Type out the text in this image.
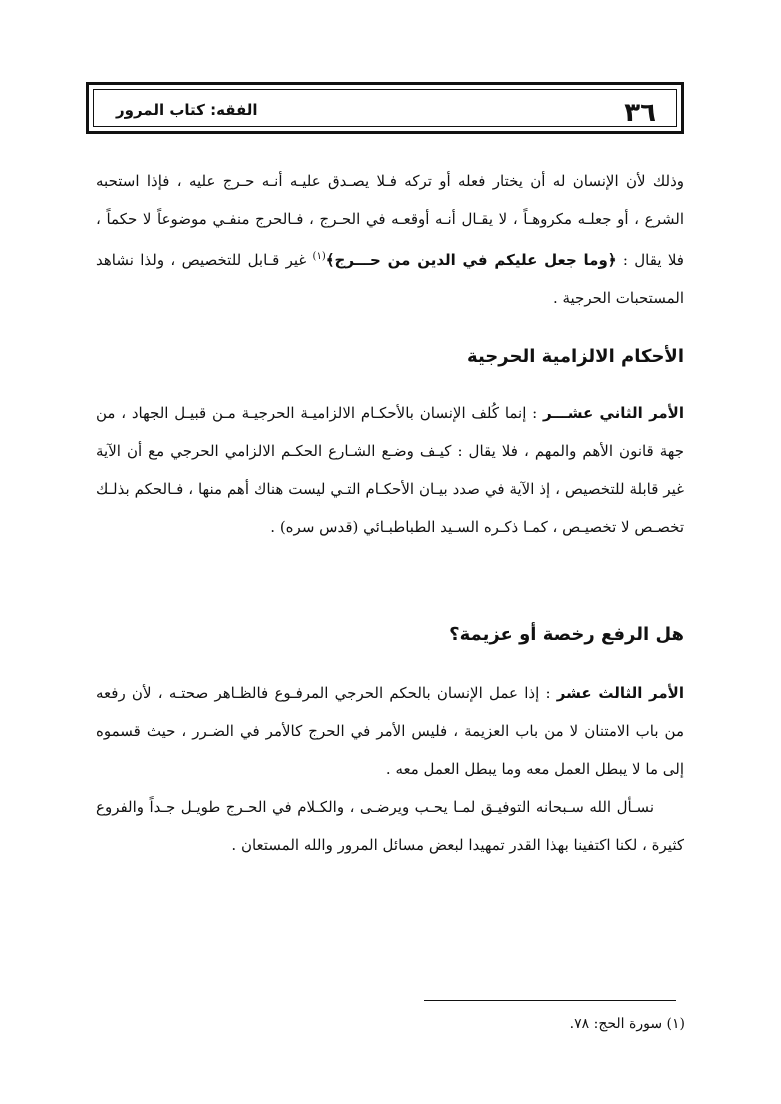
٣٦
الفقه: كتاب المرور

وذلك لأن الإنسان له أن يختار فعله أو تركه فـلا يصـدق عليـه أنـه حـرج عليه ، فإذا استحبه الشرع ، أو جعلـه مكروهـاً ، لا يقـال أنـه أوقعـه في الحـرج ، فـالحرج منفـي موضوعاً لا حكماً ، فلا يقال : ﴿وما جعل عليكم في الدين من حـــرج﴾$^{(١)}$ غير قـابل للتخصيص ، ولذا نشاهد المستحبات الحرجية .

الأحكام الالزامية الحرجية

الأمر الثاني عشـــر : إنما كُلف الإنسان بالأحكـام الالزاميـة الحرجيـة مـن قبيـل الجهاد ، من جهة قانون الأهم والمهم ، فلا يقال : كيـف وضـع الشـارع الحكـم الالزامي الحرجي مع أن الآية غير قابلة للتخصيص ، إذ الآية في صدد بيـان الأحكـام التـي ليست هناك أهم منها ، فـالحكم بذلـك تخصـص لا تخصيـص ، كمـا ذكـره السـيد الطباطبـائي (قدس سره) .

هل الرفع رخصة أو عزيمة؟

الأمر الثالث عشر : إذا عمل الإنسان بالحكم الحرجي المرفـوع فالظـاهر صحتـه ، لأن رفعه من باب الامتنان لا من باب العزيمة ، فليس الأمر في الحرج كالأمر في الضـرر ، حيث قسموه إلى ما لا يبطل العمل معه وما يبطل العمل معه .

نسـأل الله سـبحانه التوفيـق لمـا يحـب ويرضـى ، والكـلام في الحـرج طويـل جـداً والفروع كثيرة ، لكنا اكتفينا بهذا القدر تمهيدا لبعض مسائل المرور والله المستعان .

(١) سورة الحج: ٧٨.
